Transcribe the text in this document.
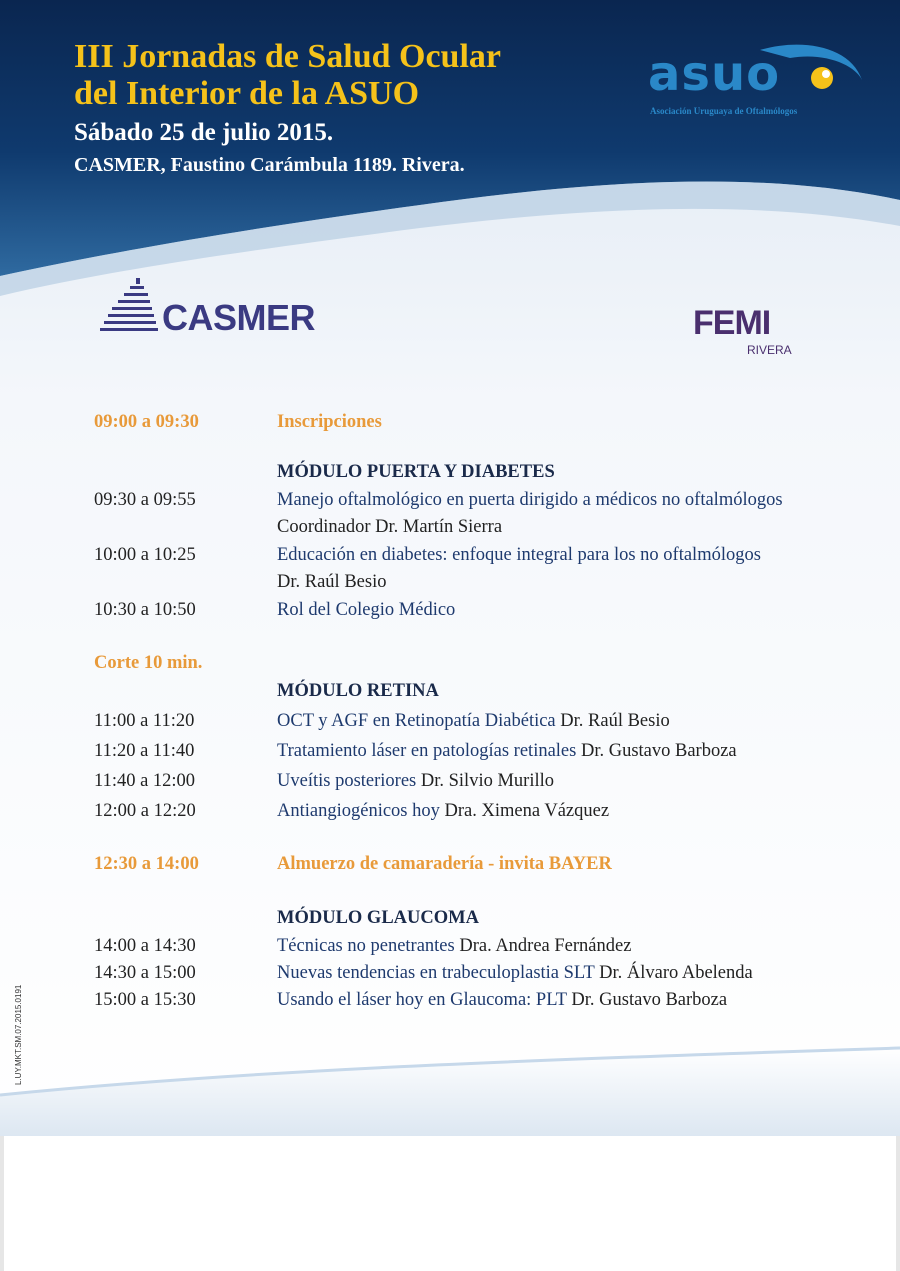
III Jornadas de Salud Ocular
del Interior de la ASUO
Sábado 25 de julio 2015.
CASMER, Faustino Carámbula 1189. Rivera.
asuo
Asociación Uruguaya de Oftalmólogos
CASMER	FEMI
RIVERA
09:00 a 09:30	Inscripciones
MÓDULO PUERTA Y DIABETES
09:30 a 09:55	Manejo oftalmológico en puerta dirigido a médicos no oftalmólogos
Coordinador Dr. Martín Sierra
10:00 a 10:25	Educación en diabetes: enfoque integral para los no oftalmólogos
Dr. Raúl Besio
10:30 a 10:50	Rol del Colegio Médico
Corte 10 min.
MÓDULO RETINA
11:00 a 11:20	OCT y AGF en Retinopatía Diabética Dr. Raúl Besio
11:20 a 11:40	Tratamiento láser en patologías retinales Dr. Gustavo Barboza
11:40 a 12:00	Uveítis posteriores Dr. Silvio Murillo
12:00 a 12:20	Antiangiogénicos hoy Dra. Ximena Vázquez
12:30 a 14:00	Almuerzo de camaradería - invita BAYER
MÓDULO GLAUCOMA
14:00 a 14:30	Técnicas no penetrantes Dra. Andrea Fernández
14:30 a 15:00	Nuevas tendencias en trabeculoplastia SLT Dr. Álvaro Abelenda
15:00 a 15:30	Usando el láser hoy en Glaucoma: PLT Dr. Gustavo Barboza
L.UY.MKT.SM.07.2015.0191
